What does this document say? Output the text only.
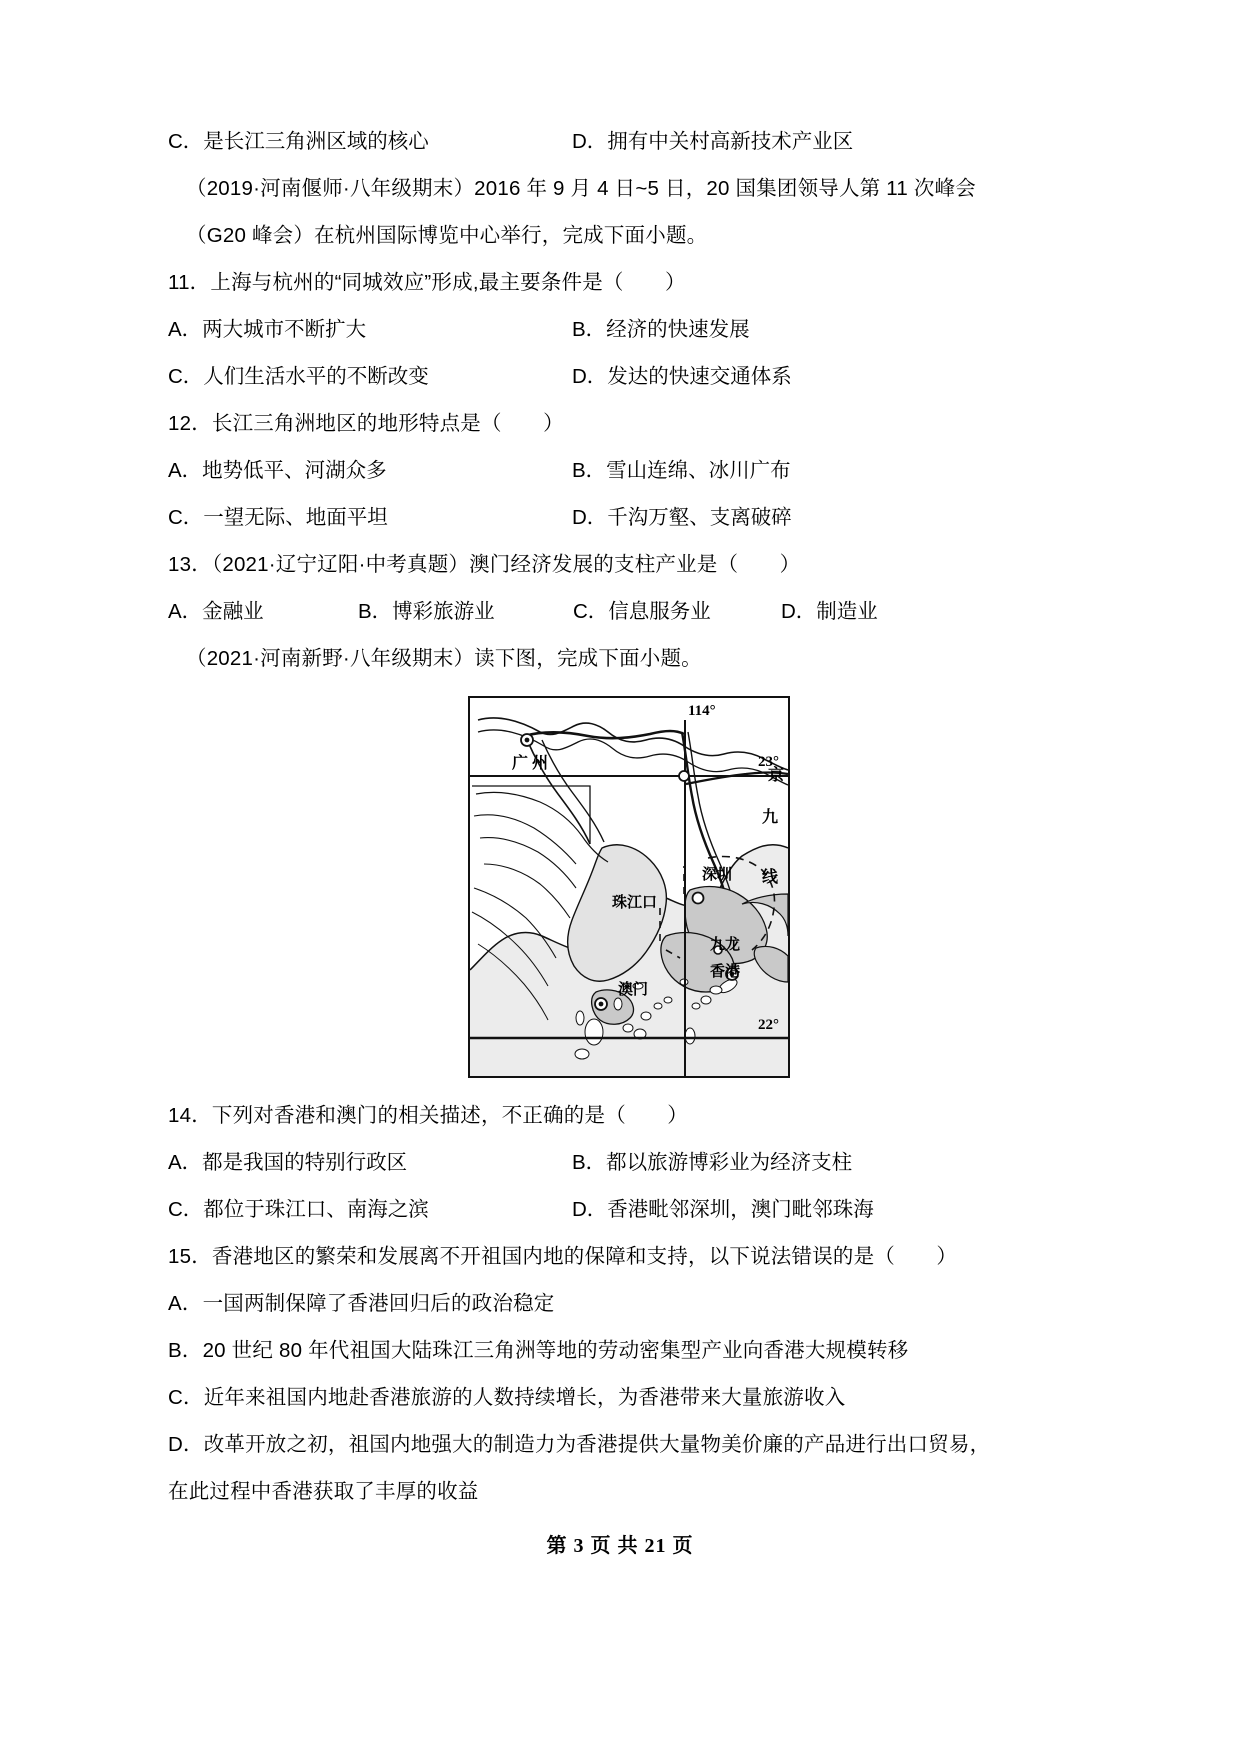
C．是长江三角洲区域的核心	D．拥有中关村高新技术产业区
（2019·河南偃师·八年级期末）2016 年 9 月 4 日~5 日，20 国集团领导人第 11 次峰会
（G20 峰会）在杭州国际博览中心举行，完成下面小题。
11．上海与杭州的“同城效应”形成,最主要条件是（　　）
A．两大城市不断扩大	B．经济的快速发展
C．人们生活水平的不断改变	D．发达的快速交通体系
12．长江三角洲地区的地形特点是（　　）
A．地势低平、河湖众多	B．雪山连绵、冰川广布
C．一望无际、地面平坦	D．千沟万壑、支离破碎
13．（2021·辽宁辽阳·中考真题）澳门经济发展的支柱产业是（　　）
A．金融业	B．博彩旅游业	C．信息服务业	D．制造业
（2021·河南新野·八年级期末）读下图，完成下面小题。
广州
114°
23°
22°
京
九
线
深圳
珠江口
九龙
香港
澳门
14．下列对香港和澳门的相关描述，不正确的是（　　）
A．都是我国的特别行政区	B．都以旅游博彩业为经济支柱
C．都位于珠江口、南海之滨	D．香港毗邻深圳，澳门毗邻珠海
15．香港地区的繁荣和发展离不开祖国内地的保障和支持，以下说法错误的是（　　）
A．一国两制保障了香港回归后的政治稳定
B．20 世纪 80 年代祖国大陆珠江三角洲等地的劳动密集型产业向香港大规模转移
C．近年来祖国内地赴香港旅游的人数持续增长，为香港带来大量旅游收入
D．改革开放之初，祖国内地强大的制造力为香港提供大量物美价廉的产品进行出口贸易，
在此过程中香港获取了丰厚的收益
第 3 页 共 21 页
